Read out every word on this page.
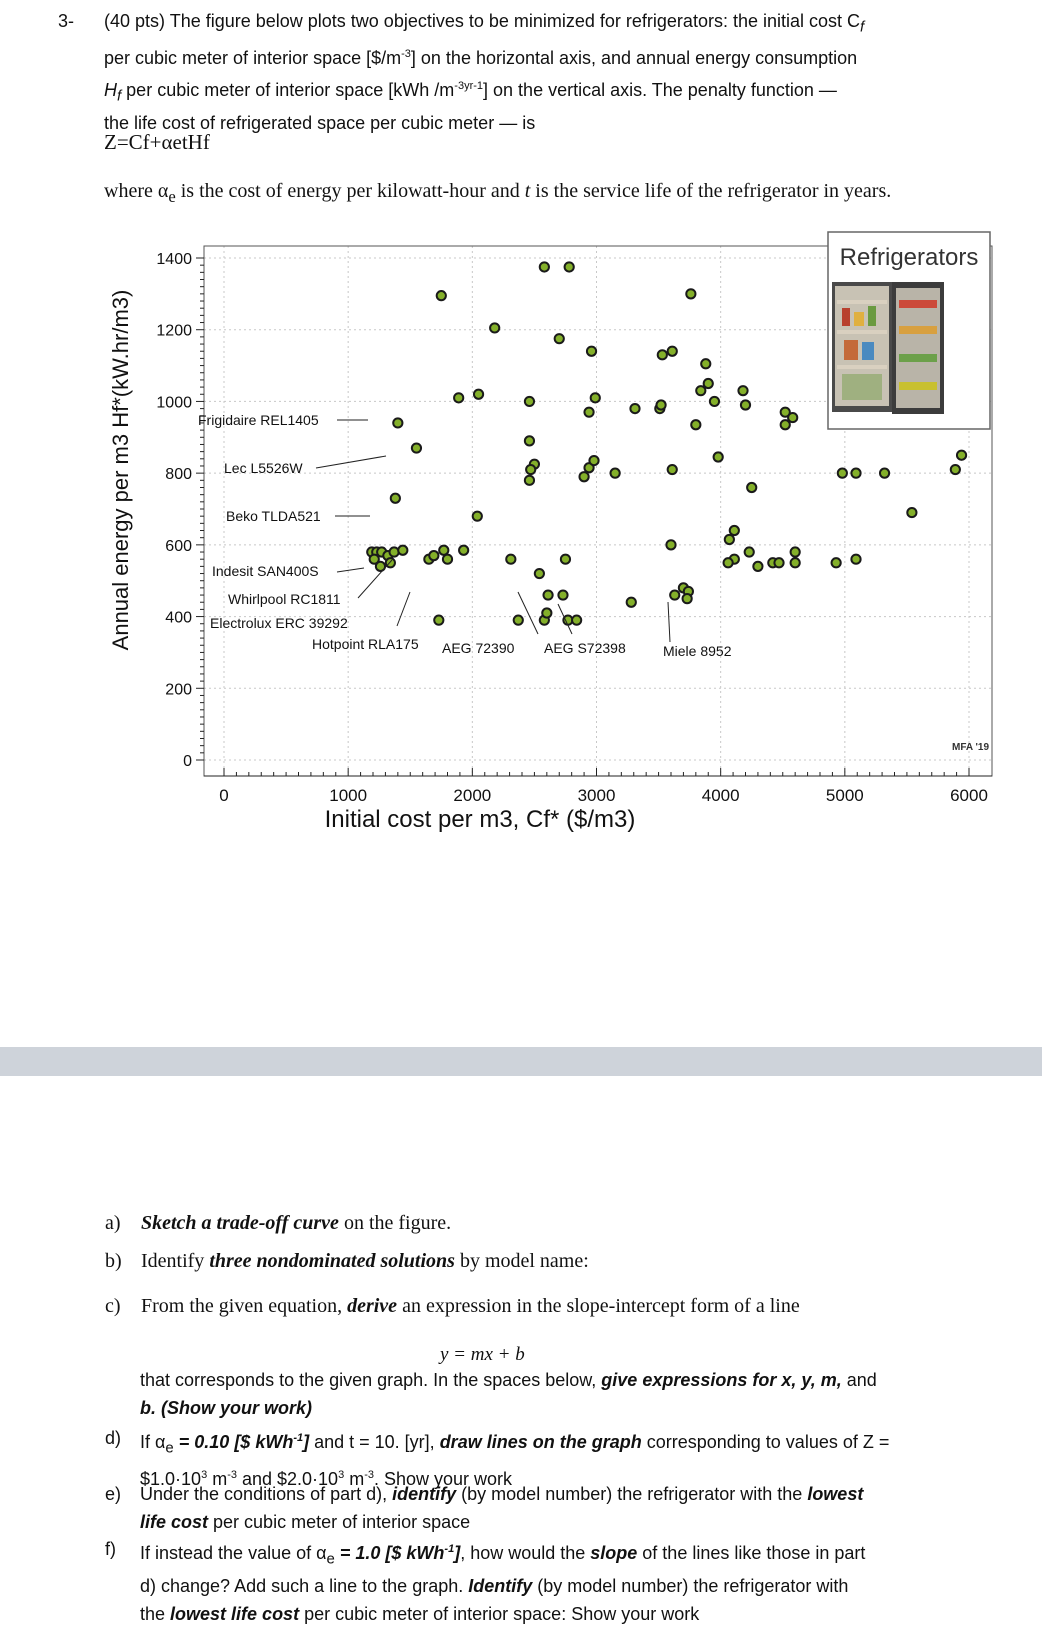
3- (40 pts) The figure below plots two objectives to be minimized for refrigerators: the initial cost $C_f$
per cubic meter of interior space $[\$/m^{-3}]$ on the horizontal axis, and annual energy consumption
$H_f$ per cubic meter of interior space [kWh $/m^{-3yr-1}$] on the vertical axis. The penalty function —
the life cost of refrigerated space per cubic meter — is
Z=Cf+αetHf
where $\alpha_e$ is the cost of energy per kilowatt-hour and t is the service life of the refrigerator in years.
Refrigerators
0
200
400
600
800
1000
1200
1400
0	1000	2000	3000	4000	5000	6000
Frigidaire REL1405
Lec L5526W
Beko TLDA521
Indesit SAN400S
Whirlpool RC1811
Electrolux ERC 39292
Hotpoint RLA175 AEG 72390 AEG S72398	Miele 8952
MFA '19
Initial cost per m3, Cf* ($/m3)
Annual energy per m3 Hf*(kW.hr/m3)
a) Sketch a trade-off curve on the figure.
b) Identify three nondominated solutions by model name:
c) From the given equation, derive an expression in the slope-intercept form of a line
y = mx + b
that corresponds to the given graph. In the spaces below, give expressions for x, y, m, and
b. (Show your work)
d) If $\alpha_e = 0.10$ [$ kWh$^{-1}$] and t = 10. [yr], draw lines on the graph corresponding to values of Z =
$\$1.0\cdot 10^3$ $m^{-3}$ and $\$2.0\cdot 10^3$ $m^{-3}$. Show your work
e) Under the conditions of part d), identify (by model number) the refrigerator with the lowest
life cost per cubic meter of interior space
f) If instead the value of $\alpha_e = 1.0$ [$ kWh$^{-1}$], how would the slope of the lines like those in part
d) change? Add such a line to the graph. Identify (by model number) the refrigerator with
the lowest life cost per cubic meter of interior space: Show your work
